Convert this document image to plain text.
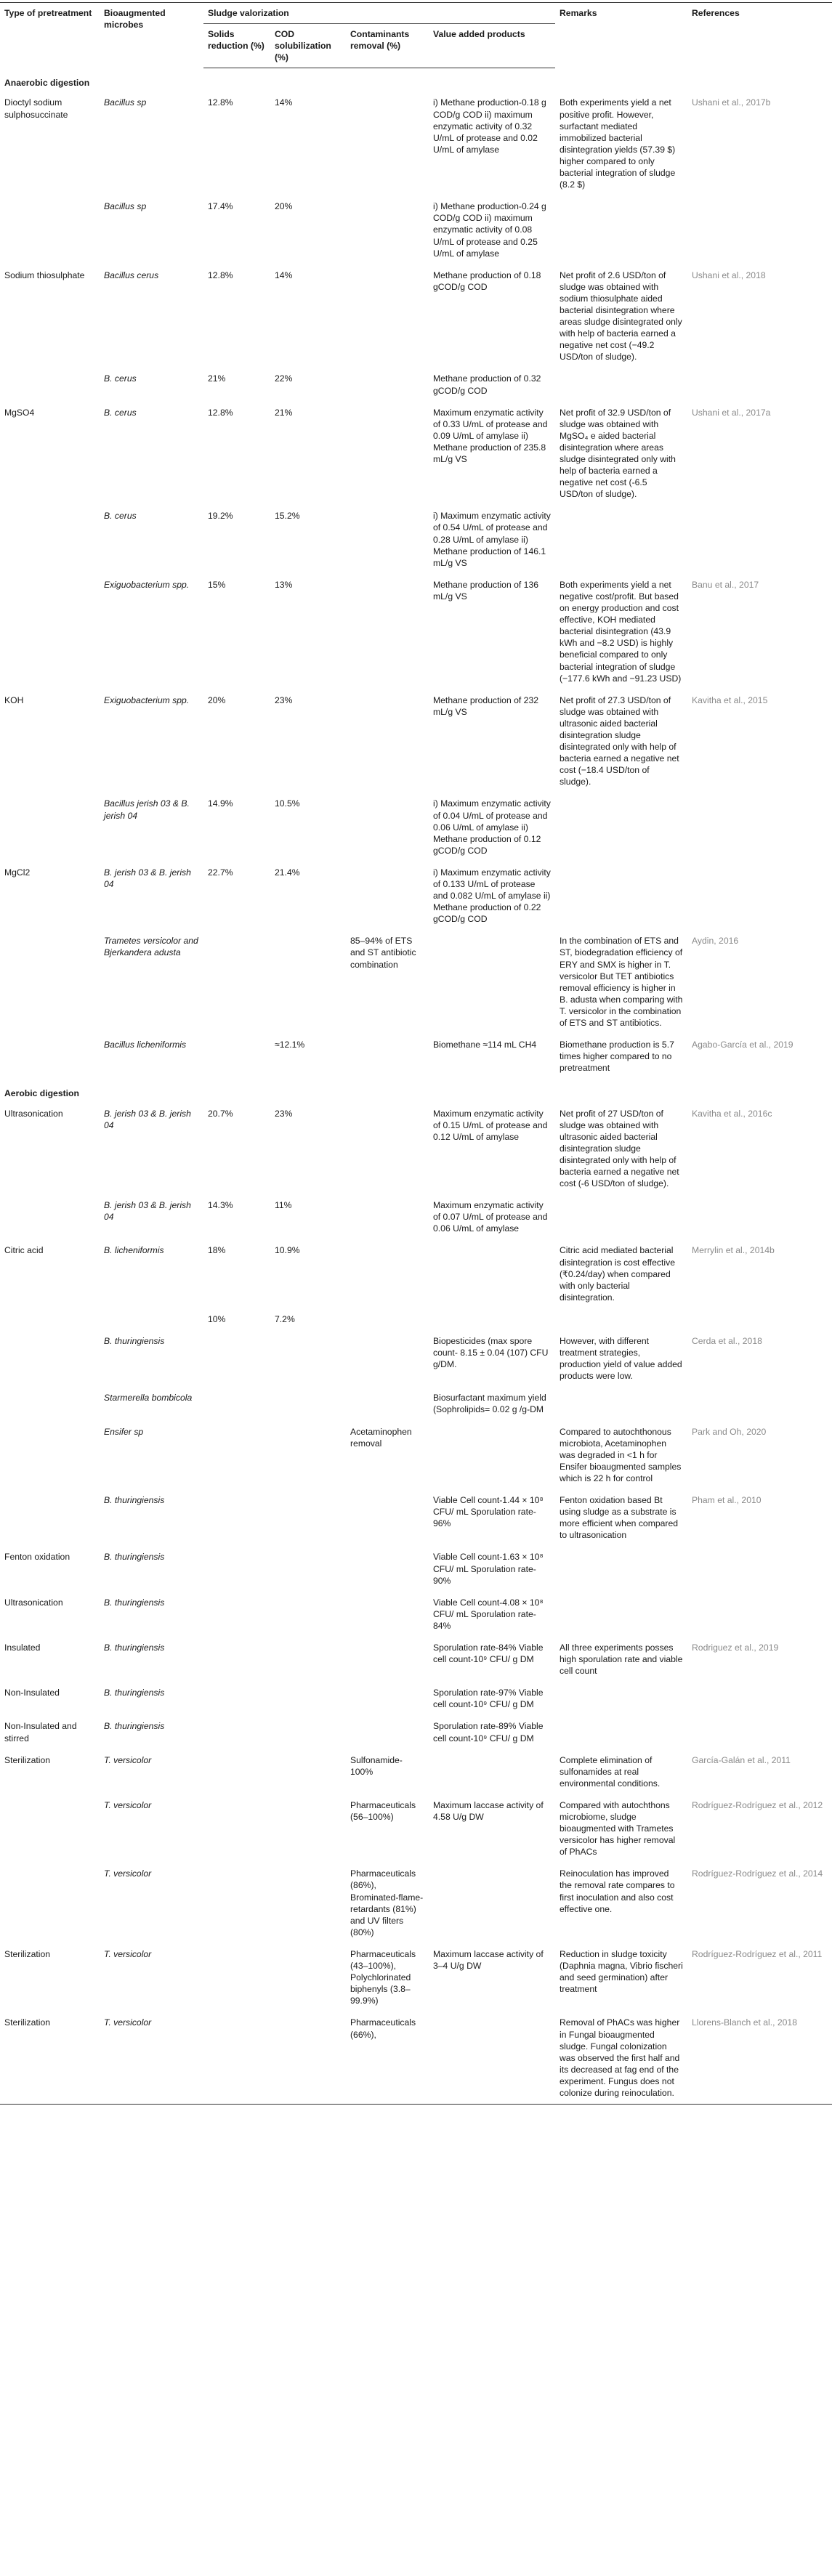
Type of pretreatment	Bioaugmented microbes	Sludge valorization				Remarks	References
		Solids reduction (%)	COD solubilization (%)	Contaminants removal (%)	Value added products		
Anaerobic digestion							
Dioctyl sodium sulphosuccinate	Bacillus sp	12.8%	14%		i) Methane production-0.18 g COD/g COD ii) maximum enzymatic activity of 0.32 U/mL of protease and 0.02 U/mL of amylase	Both experiments yield a net positive profit. However, surfactant mediated immobilized bacterial disintegration yields (57.39 $) higher compared to only bacterial integration of sludge (8.2 $)	Ushani et al., 2017b
	Bacillus sp	17.4%	20%		i) Methane production-0.24 g COD/g COD ii) maximum enzymatic activity of 0.08 U/mL of protease and 0.25 U/mL of amylase		
Sodium thiosulphate	Bacillus cerus	12.8%	14%		Methane production of 0.18 gCOD/g COD	Net profit of 2.6 USD/ton of sludge was obtained with sodium thiosulphate aided bacterial disintegration where areas sludge disintegrated only with help of bacteria earned a negative net cost (−49.2 USD/ton of sludge).	Ushani et al., 2018
	B. cerus	21%	22%		Methane production of 0.32 gCOD/g COD		
MgSO4	B. cerus	12.8%	21%		Maximum enzymatic activity of 0.33 U/mL of protease and 0.09 U/mL of amylase ii) Methane production of 235.8 mL/g VS	Net profit of 32.9 USD/ton of sludge was obtained with MgSO₄ e aided bacterial disintegration where areas sludge disintegrated only with help of bacteria earned a negative net cost (-6.5 USD/ton of sludge).	Ushani et al., 2017a
	B. cerus	19.2%	15.2%		i) Maximum enzymatic activity of 0.54 U/mL of protease and 0.28 U/mL of amylase ii) Methane production of 146.1 mL/g VS		
	Exiguobacterium spp.	15%	13%		Methane production of 136 mL/g VS	Both experiments yield a net negative cost/profit. But based on energy production and cost effective, KOH mediated bacterial disintegration (43.9 kWh and −8.2 USD) is highly beneficial compared to only bacterial integration of sludge (−177.6 kWh and −91.23 USD)	Banu et al., 2017
KOH	Exiguobacterium spp.	20%	23%		Methane production of 232 mL/g VS	Net profit of 27.3 USD/ton of sludge was obtained with ultrasonic aided bacterial disintegration sludge disintegrated only with help of bacteria earned a negative net cost (−18.4 USD/ton of sludge).	Kavitha et al., 2015
	Bacillus jerish 03 & B. jerish 04	14.9%	10.5%		i) Maximum enzymatic activity of 0.04 U/mL of protease and 0.06 U/mL of amylase ii) Methane production of 0.12 gCOD/g COD		
MgCl2	B. jerish 03 & B. jerish 04	22.7%	21.4%		i) Maximum enzymatic activity of 0.133 U/mL of protease and 0.082 U/mL of amylase ii) Methane production of 0.22 gCOD/g COD		
	Trametes versicolor and Bjerkandera adusta			85–94% of ETS and ST antibiotic combination		In the combination of ETS and ST, biodegradation efficiency of ERY and SMX is higher in T. versicolor But TET antibiotics removal efficiency is higher in B. adusta when comparing with T. versicolor in the combination of ETS and ST antibiotics.	Aydin, 2016
	Bacillus licheniformis		≈12.1%		Biomethane ≈114 mL CH4	Biomethane production is 5.7 times higher compared to no pretreatment	Agabo-García et al., 2019
Aerobic digestion							
Ultrasonication	B. jerish 03 & B. jerish 04	20.7%	23%		Maximum enzymatic activity of 0.15 U/mL of protease and 0.12 U/mL of amylase	Net profit of 27 USD/ton of sludge was obtained with ultrasonic aided bacterial disintegration sludge disintegrated only with help of bacteria earned a negative net cost (-6 USD/ton of sludge).	Kavitha et al., 2016c
	B. jerish 03 & B. jerish 04	14.3%	11%		Maximum enzymatic activity of 0.07 U/mL of protease and 0.06 U/mL of amylase		
Citric acid	B. licheniformis	18%	10.9%			Citric acid mediated bacterial disintegration is cost effective (₹0.24/day) when compared with only bacterial disintegration.	Merrylin et al., 2014b
		10%	7.2%				
	B. thuringiensis				Biopesticides (max spore count- 8.15 ± 0.04 (107) CFU g/DM.	However, with different treatment strategies, production yield of value added products were low.	Cerda et al., 2018
	Starmerella bombicola				Biosurfactant maximum yield (Sophrolipids= 0.02 g /g-DM		
	Ensifer sp			Acetaminophen removal		Compared to autochthonous microbiota, Acetaminophen was degraded in <1 h for Ensifer bioaugmented samples which is 22 h for control	Park and Oh, 2020
	B. thuringiensis				Viable Cell count-1.44 × 10⁸ CFU/ mL Sporulation rate-96%	Fenton oxidation based Bt using sludge as a substrate is more efficient when compared to ultrasonication	Pham et al., 2010
Fenton oxidation	B. thuringiensis				Viable Cell count-1.63 × 10⁸ CFU/ mL Sporulation rate-90%		
Ultrasonication	B. thuringiensis				Viable Cell count-4.08 × 10⁸ CFU/ mL Sporulation rate-84%		
Insulated	B. thuringiensis				Sporulation rate-84% Viable cell count-10⁹ CFU/ g DM	All three experiments posses high sporulation rate and viable cell count	Rodriguez et al., 2019
Non-Insulated	B. thuringiensis				Sporulation rate-97% Viable cell count-10⁹ CFU/ g DM		
Non-Insulated and stirred	B. thuringiensis				Sporulation rate-89% Viable cell count-10⁹ CFU/ g DM		
Sterilization	T. versicolor			Sulfonamide-100%		Complete elimination of sulfonamides at real environmental conditions.	García-Galán et al., 2011
	T. versicolor			Pharmaceuticals (56–100%)	Maximum laccase activity of 4.58 U/g DW	Compared with autochthons microbiome, sludge bioaugmented with Trametes versicolor has higher removal of PhACs	Rodríguez-Rodríguez et al., 2012
	T. versicolor			Pharmaceuticals (86%), Brominated-flame-retardants (81%) and UV filters (80%)		Reinoculation has improved the removal rate compares to first inoculation and also cost effective one.	Rodríguez-Rodríguez et al., 2014
Sterilization	T. versicolor			Pharmaceuticals (43–100%), Polychlorinated biphenyls (3.8–99.9%)	Maximum laccase activity of 3–4 U/g DW	Reduction in sludge toxicity (Daphnia magna, Vibrio fischeri and seed germination) after treatment	Rodríguez-Rodríguez et al., 2011
Sterilization	T. versicolor			Pharmaceuticals (66%),		Removal of PhACs was higher in Fungal bioaugmented sludge. Fungal colonization was observed the first half and its decreased at fag end of the experiment. Fungus does not colonize during reinoculation.	Llorens-Blanch et al., 2018
